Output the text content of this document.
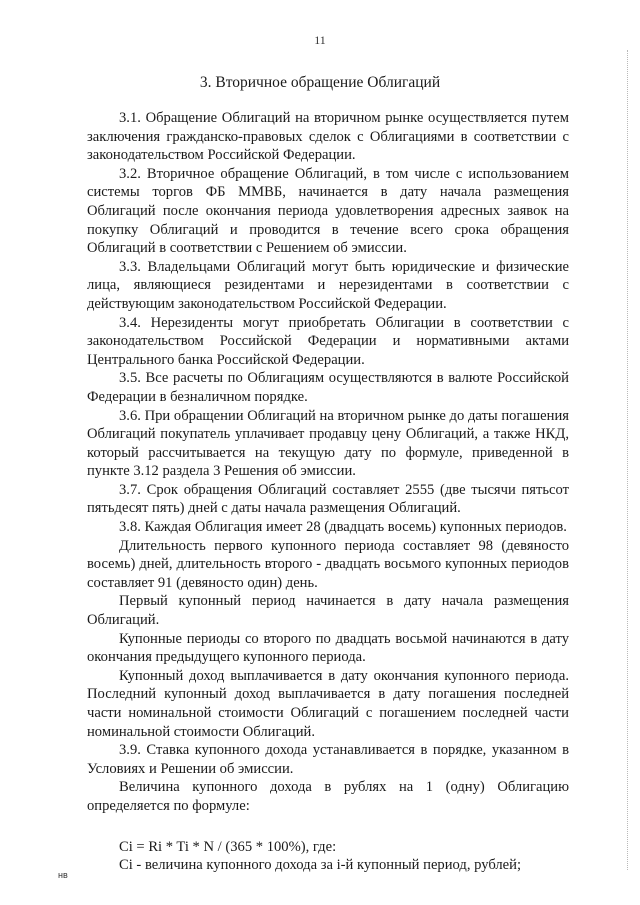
11
3. Вторичное обращение Облигаций

3.1. Обращение Облигаций на вторичном рынке осуществляется путем заключения гражданско-правовых сделок с Облигациями в соответствии с законодательством Российской Федерации.

3.2. Вторичное обращение Облигаций, в том числе с использованием системы торгов ФБ ММВБ, начинается в дату начала размещения Облигаций после окончания периода удовлетворения адресных заявок на покупку Облигаций и проводится в течение всего срока обращения Облигаций в соответствии с Решением об эмиссии.

3.3. Владельцами Облигаций могут быть юридические и физические лица, являющиеся резидентами и нерезидентами в соответствии с действующим законодательством Российской Федерации.

3.4. Нерезиденты могут приобретать Облигации в соответствии с законодательством Российской Федерации и нормативными актами Центрального банка Российской Федерации.

3.5. Все расчеты по Облигациям осуществляются в валюте Российской Федерации в безналичном порядке.

3.6. При обращении Облигаций на вторичном рынке до даты погашения Облигаций покупатель уплачивает продавцу цену Облигаций, а также НКД, который рассчитывается на текущую дату по формуле, приведенной в пункте 3.12 раздела 3 Решения об эмиссии.

3.7. Срок обращения Облигаций составляет 2555 (две тысячи пятьсот пятьдесят пять) дней с даты начала размещения Облигаций.

3.8. Каждая Облигация имеет 28 (двадцать восемь) купонных периодов.

Длительность первого купонного периода составляет 98 (девяносто восемь) дней, длительность второго - двадцать восьмого купонных периодов составляет 91 (девяносто один) день.

Первый купонный период начинается в дату начала размещения Облигаций.

Купонные периоды со второго по двадцать восьмой начинаются в дату окончания предыдущего купонного периода.

Купонный доход выплачивается в дату окончания купонного периода. Последний купонный доход выплачивается в дату погашения последней части номинальной стоимости Облигаций с погашением последней части номинальной стоимости Облигаций.

3.9. Ставка купонного дохода устанавливается в порядке, указанном в Условиях и Решении об эмиссии.

Величина купонного дохода в рублях на 1 (одну) Облигацию определяется по формуле:

Ci = Ri * Ti * N / (365 * 100%), где:

Ci - величина купонного дохода за i-й купонный период, рублей;

нв
